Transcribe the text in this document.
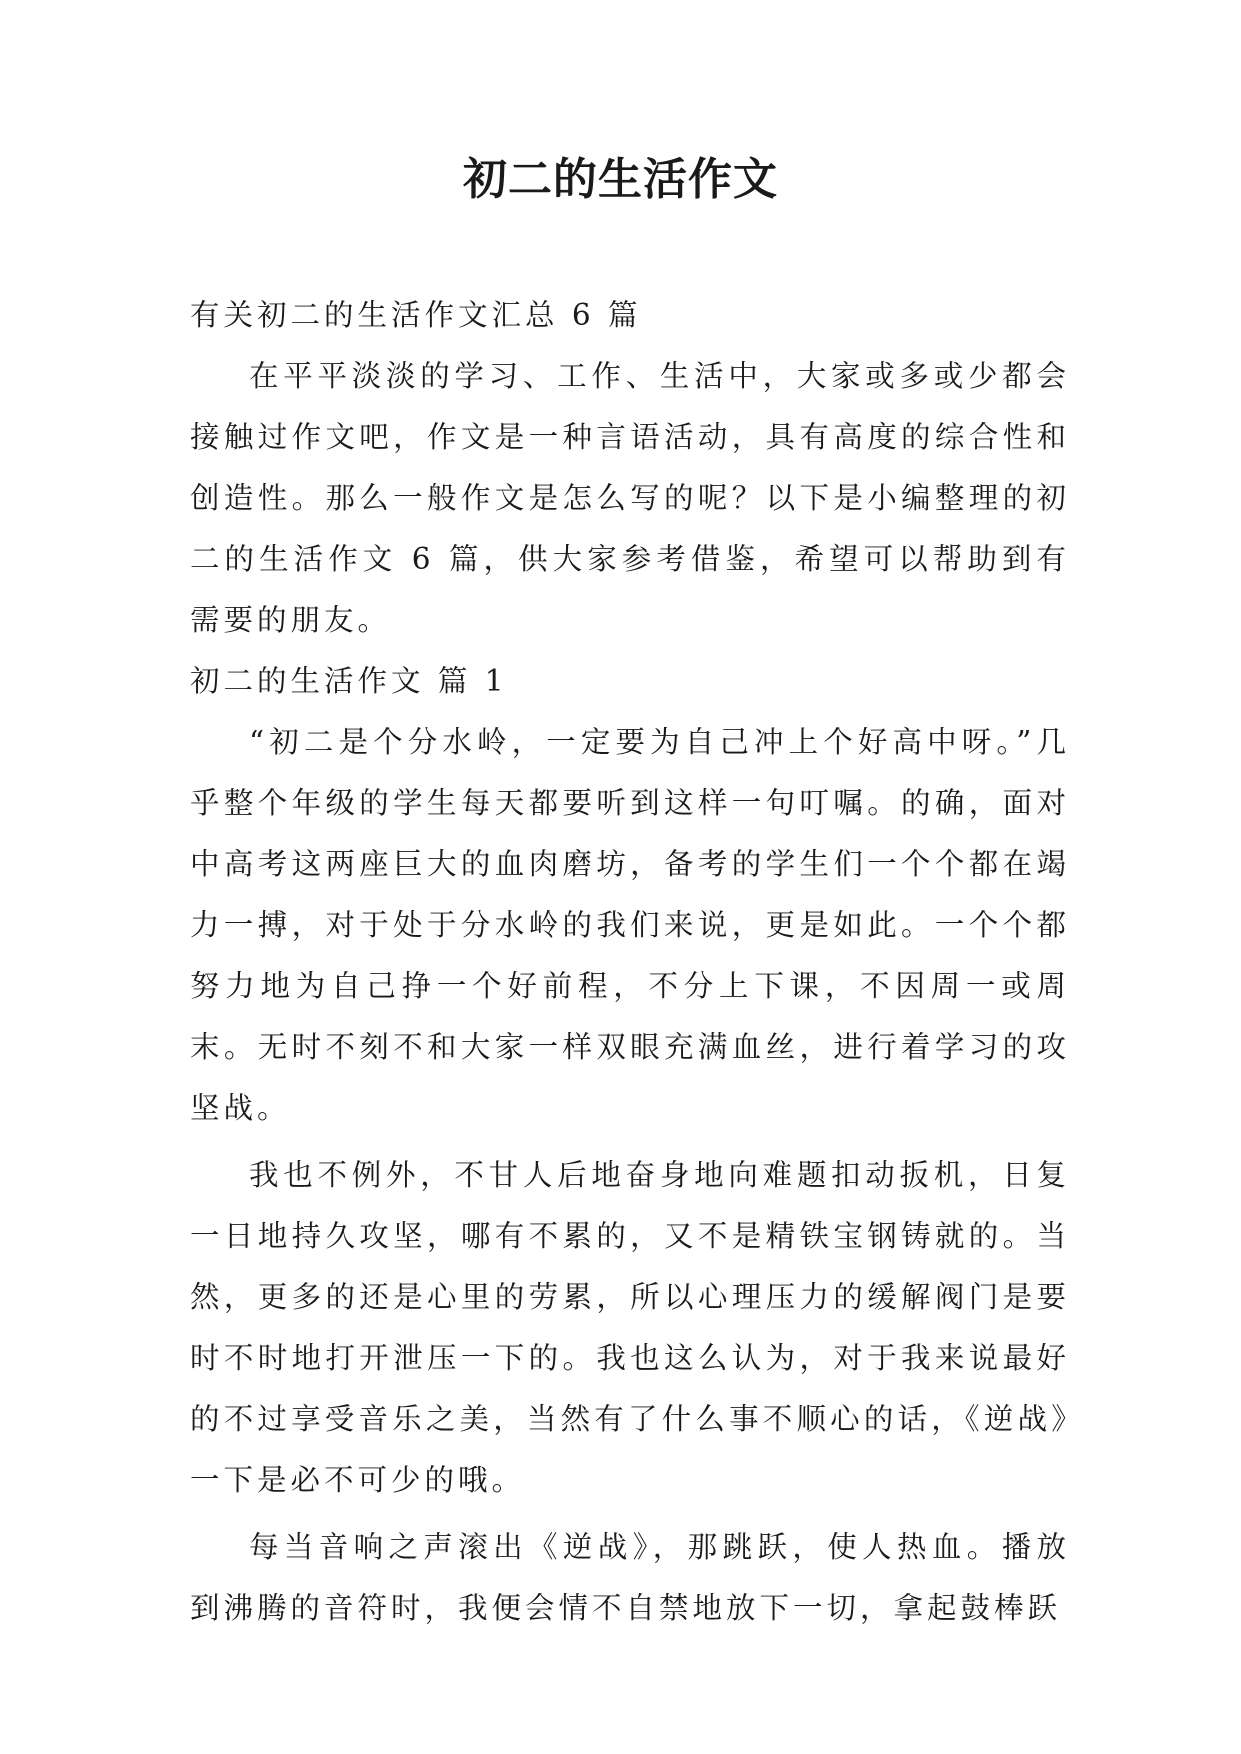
初二的生活作文

有关初二的生活作文汇总 6 篇

在平平淡淡的学习、工作、生活中，大家或多或少都会接触过作文吧，作文是一种言语活动，具有高度的综合性和创造性。那么一般作文是怎么写的呢？以下是小编整理的初二的生活作文 6 篇，供大家参考借鉴，希望可以帮助到有需要的朋友。

初二的生活作文 篇 1

“初二是个分水岭，一定要为自己冲上个好高中呀。”几乎整个年级的学生每天都要听到这样一句叮嘱。的确，面对中高考这两座巨大的血肉磨坊，备考的学生们一个个都在竭力一搏，对于处于分水岭的我们来说，更是如此。一个个都努力地为自己挣一个好前程，不分上下课，不因周一或周末。无时不刻不和大家一样双眼充满血丝，进行着学习的攻坚战。

我也不例外，不甘人后地奋身地向难题扣动扳机，日复一日地持久攻坚，哪有不累的，又不是精铁宝钢铸就的。当然，更多的还是心里的劳累，所以心理压力的缓解阀门是要时不时地打开泄压一下的。我也这么认为，对于我来说最好的不过享受音乐之美，当然有了什么事不顺心的话，《逆战》一下是必不可少的哦。

每当音响之声滚出《逆战》，那跳跃，使人热血。播放到沸腾的音符时，我便会情不自禁地放下一切，拿起鼓棒跃
